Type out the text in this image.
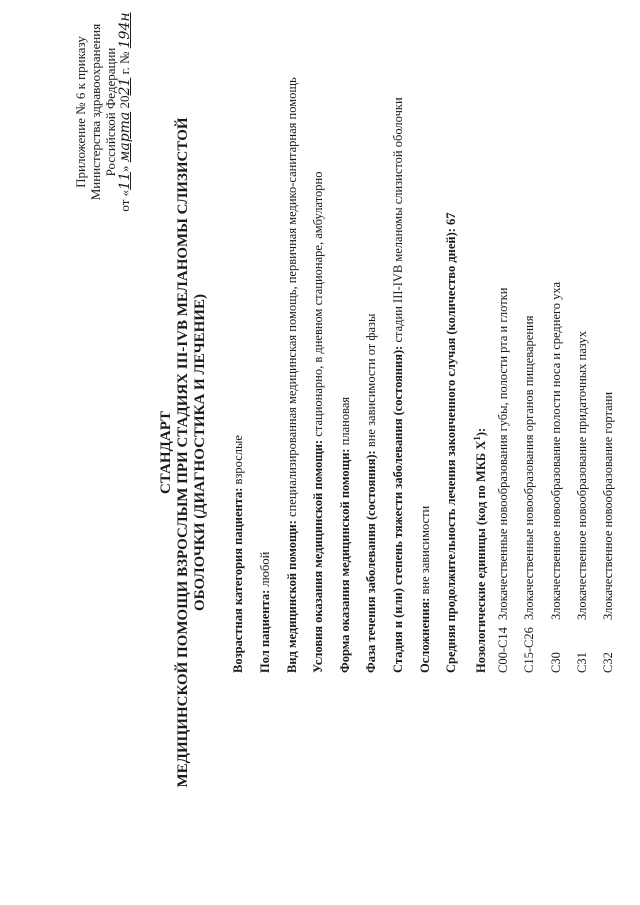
Приложение № 6 к приказу Министерства здравоохранения Российской Федерации
от «11» марта 2021 г. № 194н
СТАНДАРТ МЕДИЦИНСКОЙ ПОМОЩИ ВЗРОСЛЫМ ПРИ СТАДИЯХ III-IVB МЕЛАНОМЫ СЛИЗИСТОЙ ОБОЛОЧКИ (ДИАГНОСТИКА И ЛЕЧЕНИЕ) Возрастная категория пациента: взрослые
Пол пациента: любой Вид медицинской помощи: специализированная медицинская помощь, первичная медико-санитарная помощь
Условия оказания медицинской помощи: стационарно, в дневном стационаре, амбулаторно
Форма оказания медицинской помощи: плановая
Фаза течения заболевания (состояния): вне зависимости от фазы Стадия и (или) степень тяжести заболевания (состояния): стадии III-IVB меланомы слизистой оболочки
Осложнения: вне зависимости Средняя продолжительность лечения законченного случая (количество дней): 67
Нозологические единицы (код по МКБ $X^1$):
C00-C14
Злокачественные новообразования губы, полости рта и глотки
C15-C26
Злокачественные новообразования органов пищеварения
C30
Злокачественное новообразование полости носа и среднего уха
C31
Злокачественное новообразование придаточных пазух
C32
Злокачественное новообразование гортани
